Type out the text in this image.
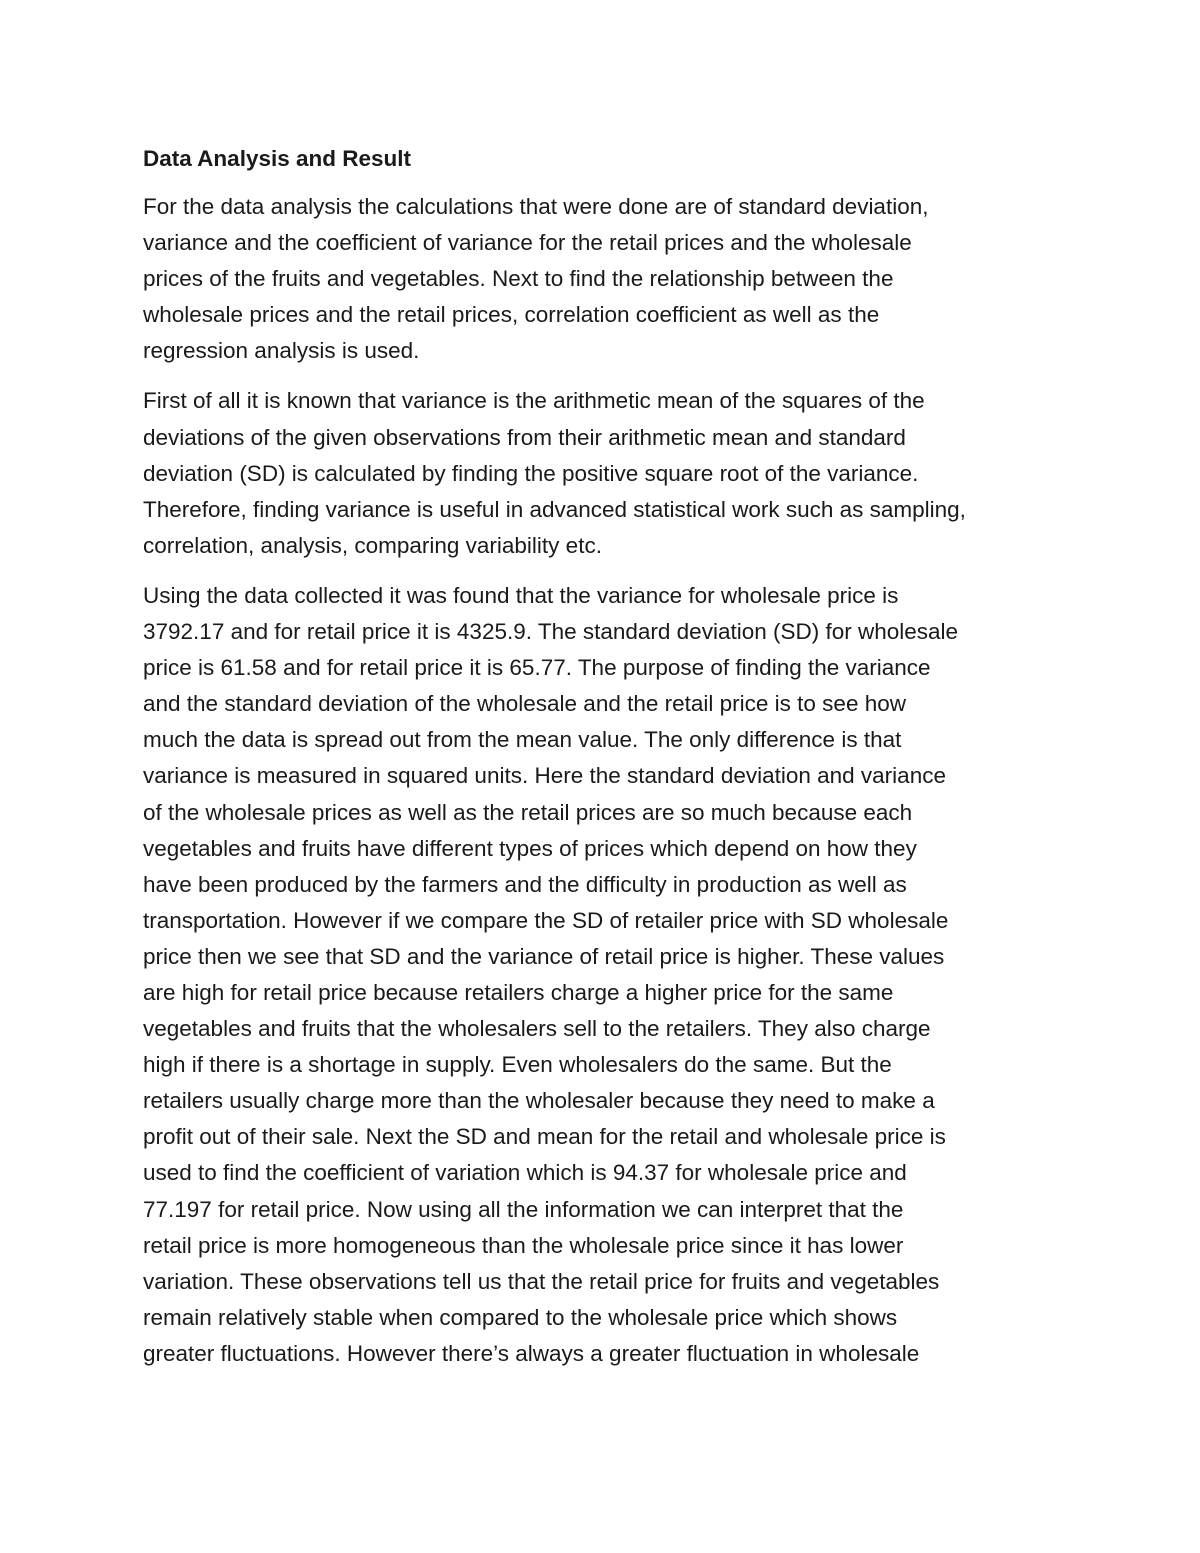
Data Analysis and Result
For the data analysis the calculations that were done are of standard deviation,
variance and the coefficient of variance for the retail prices and the wholesale
prices of the fruits and vegetables. Next to find the relationship between the
wholesale prices and the retail prices, correlation coefficient as well as the
regression analysis is used.
First of all it is known that variance is the arithmetic mean of the squares of the
deviations of the given observations from their arithmetic mean and standard
deviation (SD) is calculated by finding the positive square root of the variance.
Therefore, finding variance is useful in advanced statistical work such as sampling,
correlation, analysis, comparing variability etc.
Using the data collected it was found that the variance for wholesale price is
3792.17 and for retail price it is 4325.9. The standard deviation (SD) for wholesale
price is 61.58 and for retail price it is 65.77. The purpose of finding the variance
and the standard deviation of the wholesale and the retail price is to see how
much the data is spread out from the mean value. The only difference is that
variance is measured in squared units. Here the standard deviation and variance
of the wholesale prices as well as the retail prices are so much because each
vegetables and fruits have different types of prices which depend on how they
have been produced by the farmers and the difficulty in production as well as
transportation. However if we compare the SD of retailer price with SD wholesale
price then we see that SD and the variance of retail price is higher. These values
are high for retail price because retailers charge a higher price for the same
vegetables and fruits that the wholesalers sell to the retailers. They also charge
high if there is a shortage in supply. Even wholesalers do the same. But the
retailers usually charge more than the wholesaler because they need to make a
profit out of their sale. Next the SD and mean for the retail and wholesale price is
used to find the coefficient of variation which is 94.37 for wholesale price and
77.197 for retail price. Now using all the information we can interpret that the
retail price is more homogeneous than the wholesale price since it has lower
variation. These observations tell us that the retail price for fruits and vegetables
remain relatively stable when compared to the wholesale price which shows
greater fluctuations. However there’s always a greater fluctuation in wholesale
